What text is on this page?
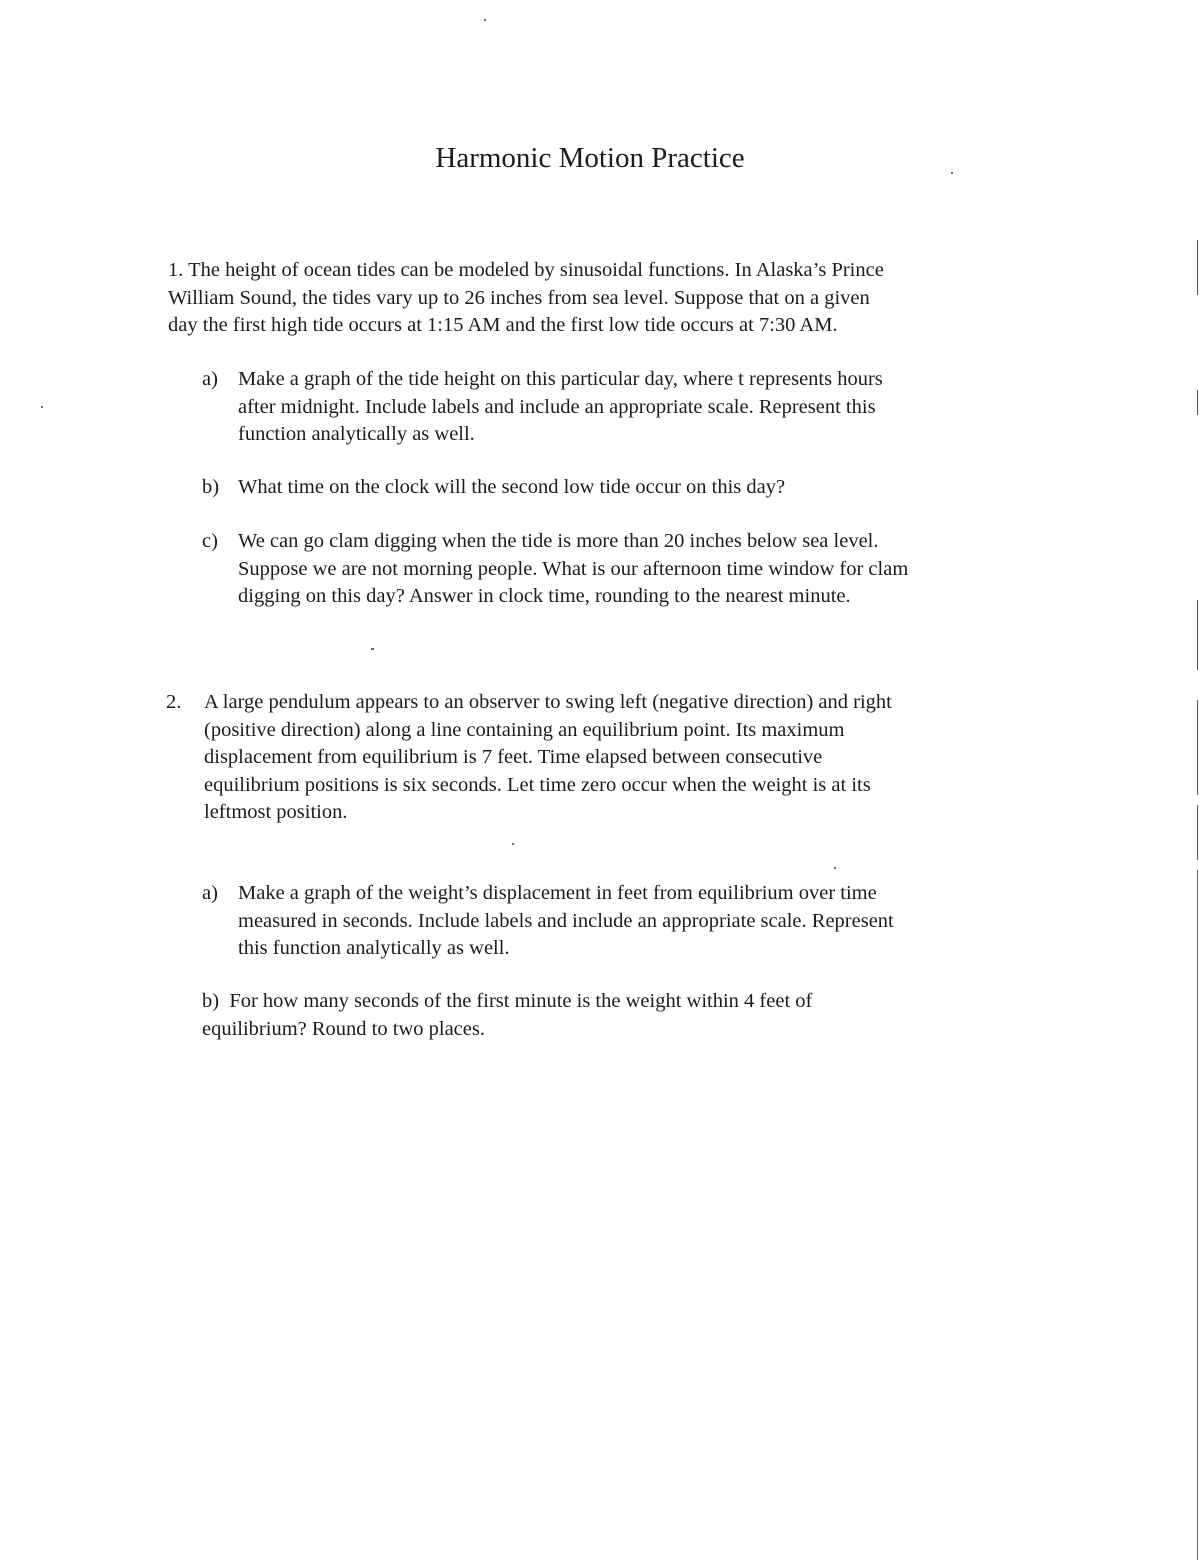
Harmonic Motion Practice
1. The height of ocean tides can be modeled by sinusoidal functions. In Alaska’s Prince
William Sound, the tides vary up to 26 inches from sea level. Suppose that on a given
day the first high tide occurs at 1:15 AM and the first low tide occurs at 7:30 AM.
a) Make a graph of the tide height on this particular day, where t represents hours
after midnight. Include labels and include an appropriate scale. Represent this
function analytically as well.
b) What time on the clock will the second low tide occur on this day?
c) We can go clam digging when the tide is more than 20 inches below sea level.
Suppose we are not morning people. What is our afternoon time window for clam
digging on this day? Answer in clock time, rounding to the nearest minute.
2. A large pendulum appears to an observer to swing left (negative direction) and right
(positive direction) along a line containing an equilibrium point. Its maximum
displacement from equilibrium is 7 feet. Time elapsed between consecutive
equilibrium positions is six seconds. Let time zero occur when the weight is at its
leftmost position.
a) Make a graph of the weight’s displacement in feet from equilibrium over time
measured in seconds. Include labels and include an appropriate scale. Represent
this function analytically as well.
b) For how many seconds of the first minute is the weight within 4 feet of
equilibrium? Round to two places.
